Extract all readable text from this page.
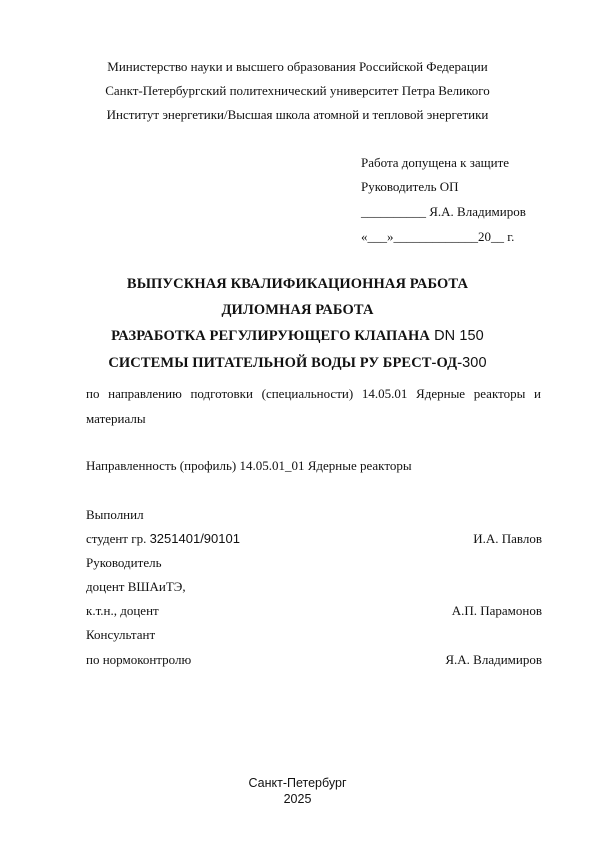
Министерство науки и высшего образования Российской Федерации
Санкт-Петербургский политехнический университет Петра Великого
Институт энергетики/Высшая школа атомной и тепловой энергетики
Работа допущена к защите
Руководитель ОП
__________ Я.А. Владимиров
«___»_____________20__ г.
ВЫПУСКНАЯ КВАЛИФИКАЦИОННАЯ РАБОТА
ДИЛОМНАЯ РАБОТА
РАЗРАБОТКА РЕГУЛИРУЮЩЕГО КЛАПАНА DN 150
СИСТЕМЫ ПИТАТЕЛЬНОЙ ВОДЫ РУ БРЕСТ-ОД-300
по направлению подготовки (специальности) 14.05.01 Ядерные реакторы и материалы
Направленность (профиль) 14.05.01_01 Ядерные реакторы
Выполнил
студент гр. 3251401/90101	И.А. Павлов
Руководитель
доцент ВШАиТЭ,
к.т.н., доцент	А.П. Парамонов
Консультант
по нормоконтролю	Я.А. Владимиров
Санкт-Петербург
2025
